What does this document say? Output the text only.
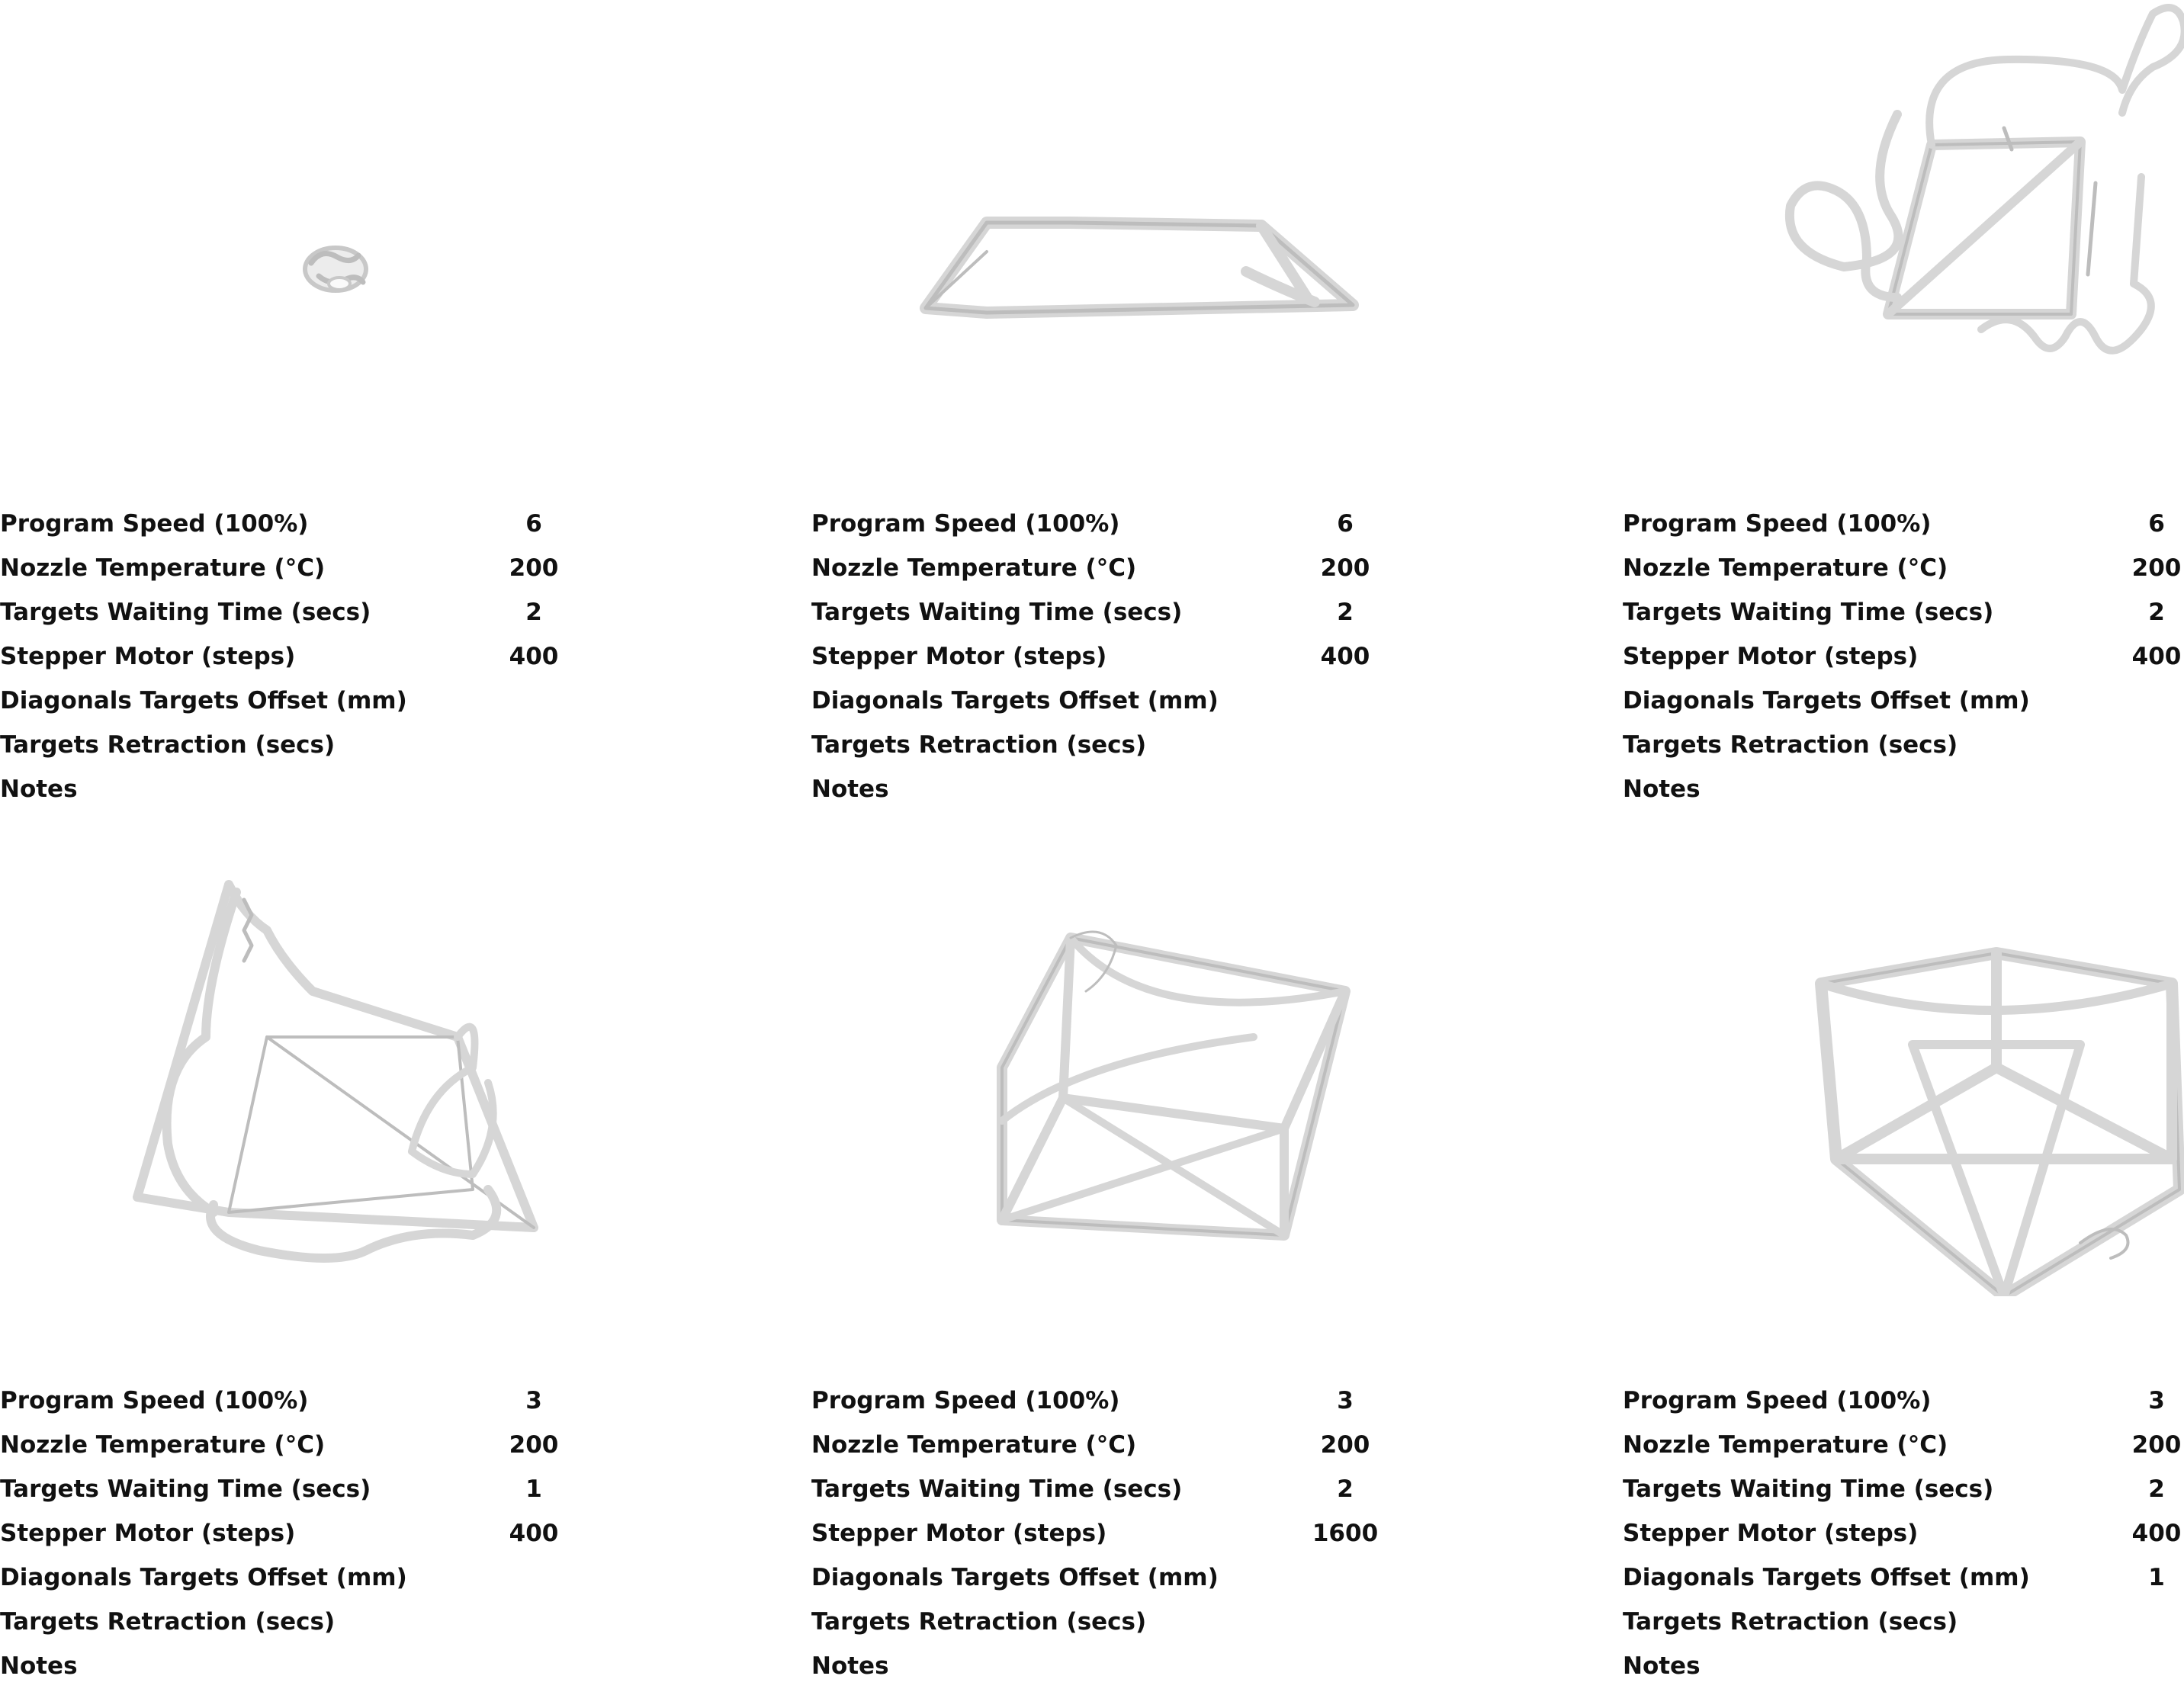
Program Speed (100%)	6
Nozzle Temperature (°C)	200
Targets Waiting Time (secs)	2
Stepper Motor (steps)	400
Diagonals Targets Offset (mm)
Targets Retraction (secs)
Notes
Program Speed (100%)	6
Nozzle Temperature (°C)	200
Targets Waiting Time (secs)	2
Stepper Motor (steps)	400
Diagonals Targets Offset (mm)
Targets Retraction (secs)
Notes
Program Speed (100%)	6
Nozzle Temperature (°C)	200
Targets Waiting Time (secs)	2
Stepper Motor (steps)	400
Diagonals Targets Offset (mm)
Targets Retraction (secs)
Notes
Program Speed (100%)	3
Nozzle Temperature (°C)	200
Targets Waiting Time (secs)	1
Stepper Motor (steps)	400
Diagonals Targets Offset (mm)
Targets Retraction (secs)
Notes
Program Speed (100%)	3
Nozzle Temperature (°C)	200
Targets Waiting Time (secs)	2
Stepper Motor (steps)	1600
Diagonals Targets Offset (mm)
Targets Retraction (secs)
Notes
Program Speed (100%)	3
Nozzle Temperature (°C)	200
Targets Waiting Time (secs)	2
Stepper Motor (steps)	400
Diagonals Targets Offset (mm)	1
Targets Retraction (secs)
Notes
